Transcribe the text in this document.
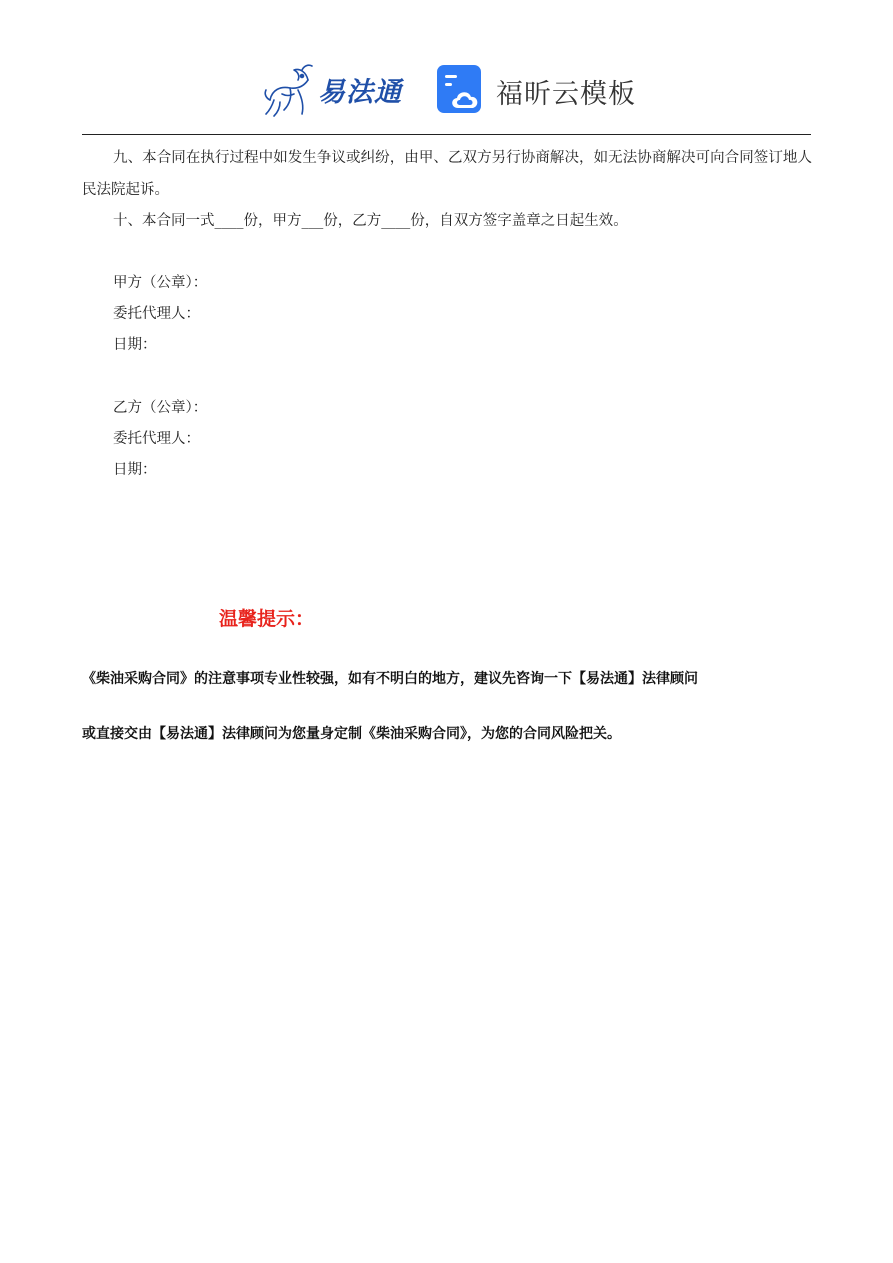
易法通	福昕云模板

九、本合同在执行过程中如发生争议或纠纷，由甲、乙双方另行协商解决，如无法协商解决可向合同签订地人民法院起诉。

十、本合同一式____份，甲方___份，乙方____份，自双方签字盖章之日起生效。

甲方（公章）：
委托代理人：
日期：
乙方（公章）：
委托代理人：
日期：
温馨提示：
《柴油采购合同》的注意事项专业性较强，如有不明白的地方，建议先咨询一下【易法通】法律顾问
或直接交由【易法通】法律顾问为您量身定制《柴油采购合同》，为您的合同风险把关。
